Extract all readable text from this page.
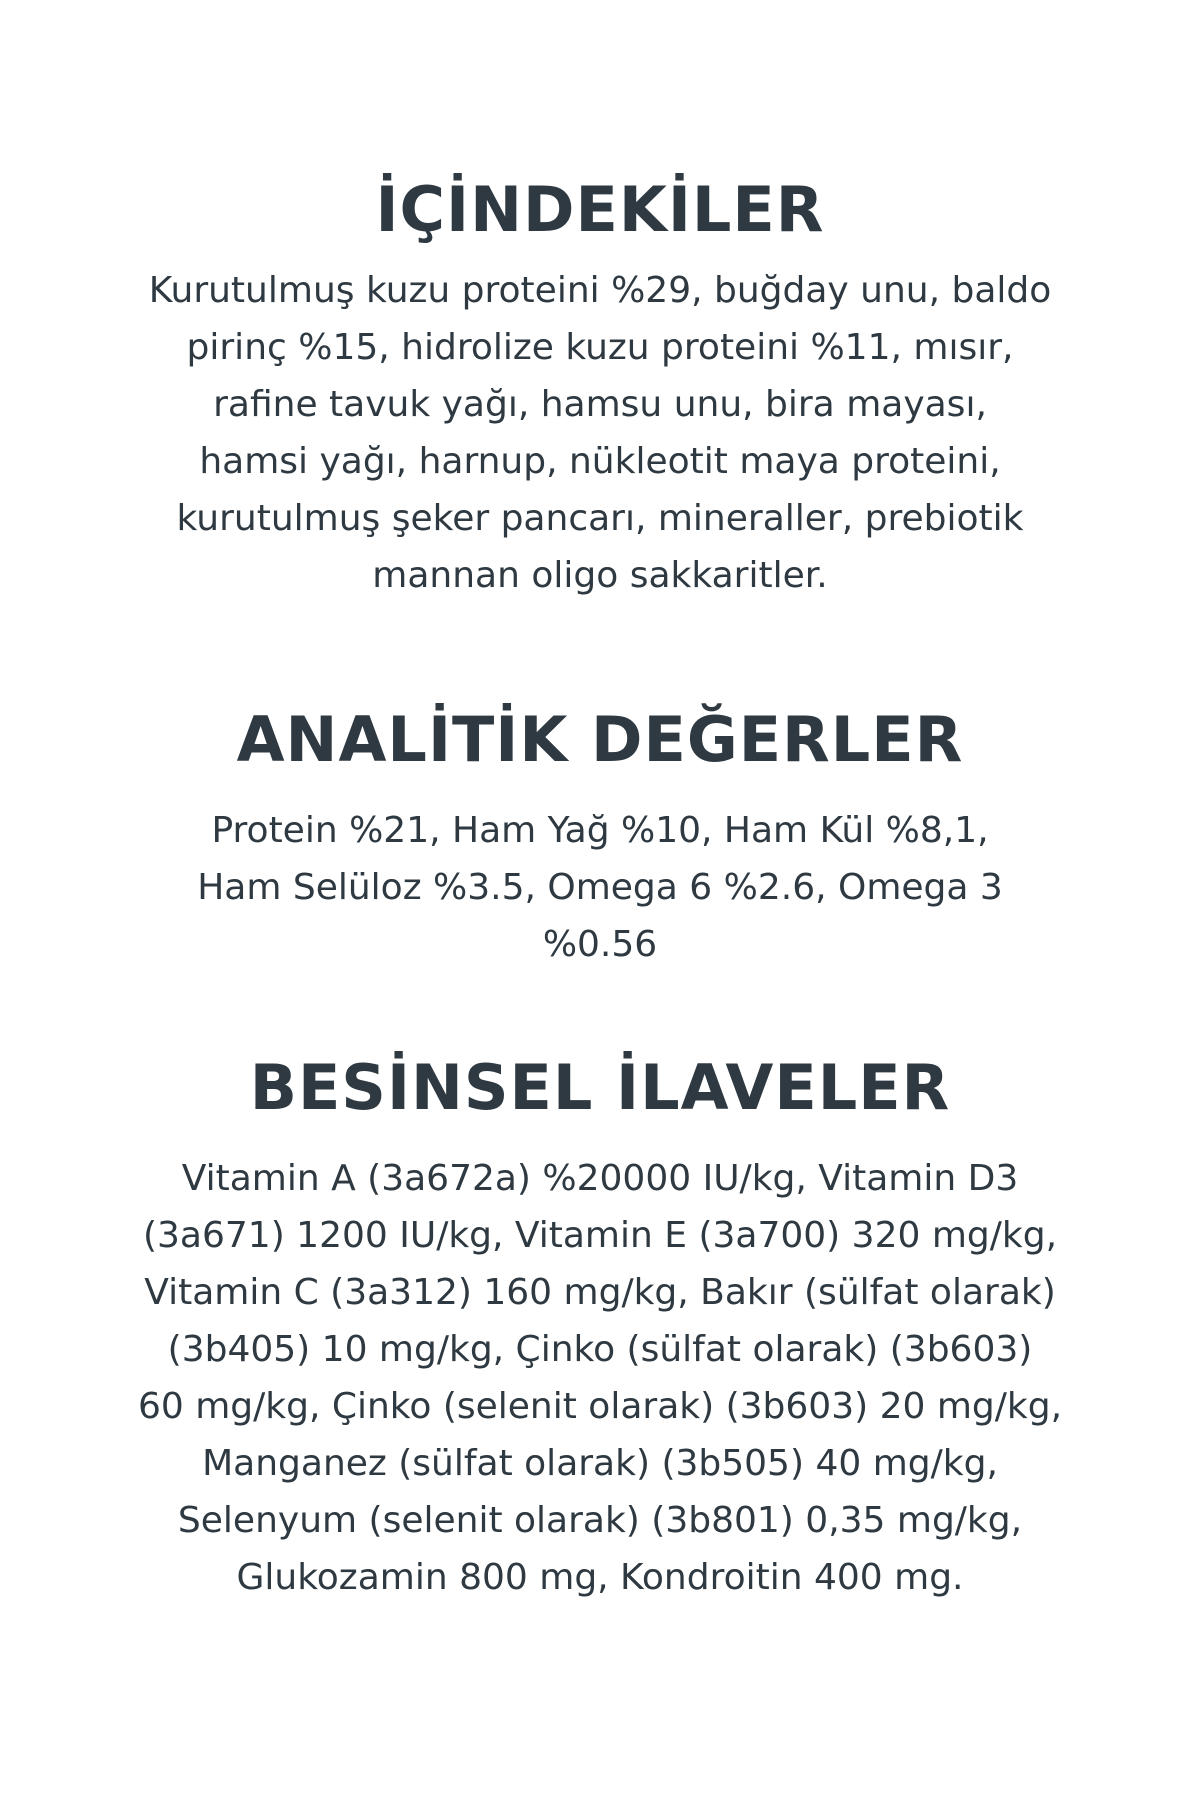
İÇİNDEKİLER

Kurutulmuş kuzu proteini %29, buğday unu, baldo
pirinç %15, hidrolize kuzu proteini %11, mısır,
rafine tavuk yağı, hamsu unu, bira mayası,
hamsi yağı, harnup, nükleotit maya proteini,
kurutulmuş şeker pancarı, mineraller, prebiotik
mannan oligo sakkaritler.

ANALİTİK DEĞERLER

Protein %21, Ham Yağ %10, Ham Kül %8,1,
Ham Selüloz %3.5, Omega 6 %2.6, Omega 3
%0.56

BESİNSEL İLAVELER

Vitamin A (3a672a) %20000 IU/kg, Vitamin D3
(3a671) 1200 IU/kg, Vitamin E (3a700) 320 mg/kg,
Vitamin C (3a312) 160 mg/kg, Bakır (sülfat olarak)
(3b405) 10 mg/kg, Çinko (sülfat olarak) (3b603)
60 mg/kg, Çinko (selenit olarak) (3b603) 20 mg/kg,
Manganez (sülfat olarak) (3b505) 40 mg/kg,
Selenyum (selenit olarak) (3b801) 0,35 mg/kg,
Glukozamin 800 mg, Kondroitin 400 mg.
